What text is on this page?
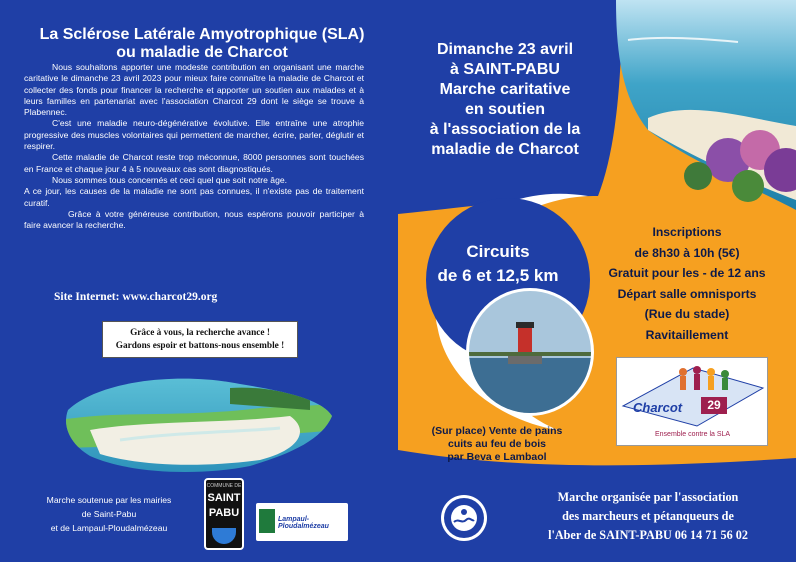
La Sclérose Latérale Amyotrophique (SLA)
ou maladie de Charcot

Nous souhaitons apporter une modeste contribution en organisant une marche caritative le dimanche 23 avril 2023 pour mieux faire connaître la maladie de Charcot et collecter des fonds pour financer la recherche et apporter un soutien aux malades et à leurs familles en partenariat avec l'association Charcot 29 dont le siège se trouve à Plabennec.

C'est une maladie neuro-dégénérative évolutive. Elle entraîne une atrophie progressive des muscles volontaires qui permettent de marcher, écrire, parler, déglutir et respirer.

Cette maladie de Charcot reste trop méconnue, 8000 personnes sont touchées en France et chaque jour 4 à 5 nouveaux cas sont diagnostiqués.

Nous sommes tous concernés et ceci quel que soit notre âge.

A ce jour, les causes de la maladie ne sont pas connues, il n'existe pas de traitement curatif.

Grâce à votre généreuse contribution, nous espérons pouvoir participer à faire avancer la recherche.

Site Internet: www.charcot29.org
Grâce à vous, la recherche avance !
Gardons espoir et battons-nous ensemble !
Marche soutenue par les mairies
de Saint-Pabu
et de Lampaul-Ploudalmézeau
COMMUNE DE
SAINT
PABU
Lampaul-Ploudalmézeau
Dimanche 23 avril
à SAINT-PABU
Marche caritative
en soutien
à l'association de la
maladie de Charcot
Circuits
de 6 et 12,5 km
Inscriptions
de 8h30 à 10h (5€)
Gratuit pour les - de 12 ans
Départ salle omnisports
(Rue du stade)
Ravitaillement
Charcot	29
Ensemble contre la SLA
(Sur place) Vente de pains
cuits au feu de bois
par Beva e Lambaol
Marche organisée par l'association
des marcheurs et pétanqueurs de
l'Aber de SAINT-PABU 06 14 71 56 02
